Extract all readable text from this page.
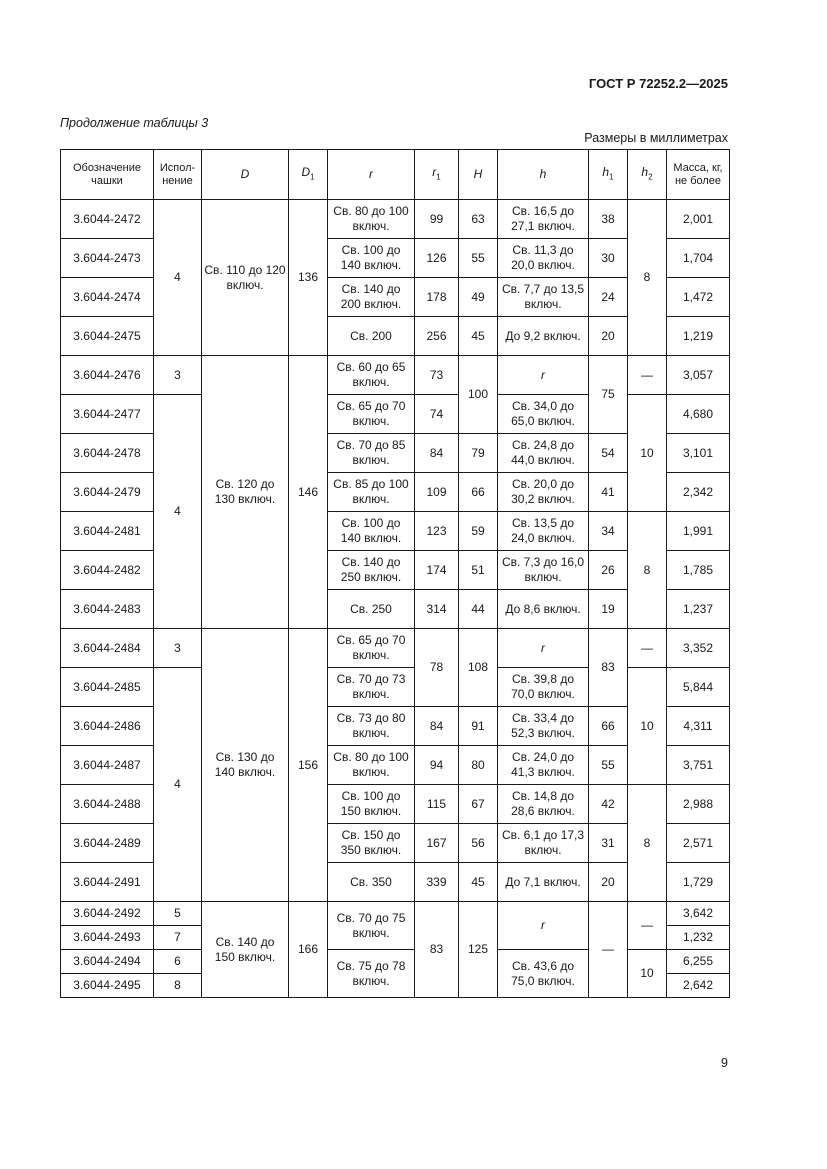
ГОСТ Р 72252.2—2025
Продолжение таблицы 3
Размеры в миллиметрах
Обозначение чашки	Испол-нение	D	$D_1$	r	$r_1$	H	h	$h_1$	$h_2$	Масса, кг, не более
3.6044-2472	4	Св. 110 до 120 включ.	136	Св. 80 до 100 включ.	99	63	Св. 16,5 до 27,1 включ.	38	8	2,001
3.6044-2473				Св. 100 до 140 включ.	126	55	Св. 11,3 до 20,0 включ.	30		1,704
3.6044-2474				Св. 140 до 200 включ.	178	49	Св. 7,7 до 13,5 включ.	24		1,472
3.6044-2475				Св. 200	256	45	До 9,2 включ.	20		1,219
3.6044-2476	3	Св. 120 до 130 включ.	146	Св. 60 до 65 включ.	73	100	r	75	—	3,057
3.6044-2477	4			Св. 65 до 70 включ.	74		Св. 34,0 до 65,0 включ.		10	4,680
3.6044-2478				Св. 70 до 85 включ.	84	79	Св. 24,8 до 44,0 включ.	54		3,101
3.6044-2479				Св. 85 до 100 включ.	109	66	Св. 20,0 до 30,2 включ.	41		2,342
3.6044-2481				Св. 100 до 140 включ.	123	59	Св. 13,5 до 24,0 включ.	34	8	1,991
3.6044-2482				Св. 140 до 250 включ.	174	51	Св. 7,3 до 16,0 включ.	26		1,785
3.6044-2483				Св. 250	314	44	До 8,6 включ.	19		1,237
3.6044-2484	3	Св. 130 до 140 включ.	156	Св. 65 до 70 включ.	78	108	r	83	—	3,352
3.6044-2485	4			Св. 70 до 73 включ.			Св. 39,8 до 70,0 включ.		10	5,844
3.6044-2486				Св. 73 до 80 включ.	84	91	Св. 33,4 до 52,3 включ.	66		4,311
3.6044-2487				Св. 80 до 100 включ.	94	80	Св. 24,0 до 41,3 включ.	55		3,751
3.6044-2488				Св. 100 до 150 включ.	115	67	Св. 14,8 до 28,6 включ.	42	8	2,988
3.6044-2489				Св. 150 до 350 включ.	167	56	Св. 6,1 до 17,3 включ.	31		2,571
3.6044-2491				Св. 350	339	45	До 7,1 включ.	20		1,729
3.6044-2492	5	Св. 140 до 150 включ.	166	Св. 70 до 75 включ.	83	125	r	—	—	3,642
3.6044-2493	7									1,232
3.6044-2494	6			Св. 75 до 78 включ.			Св. 43,6 до 75,0 включ.		10	6,255
3.6044-2495	8									2,642
9
